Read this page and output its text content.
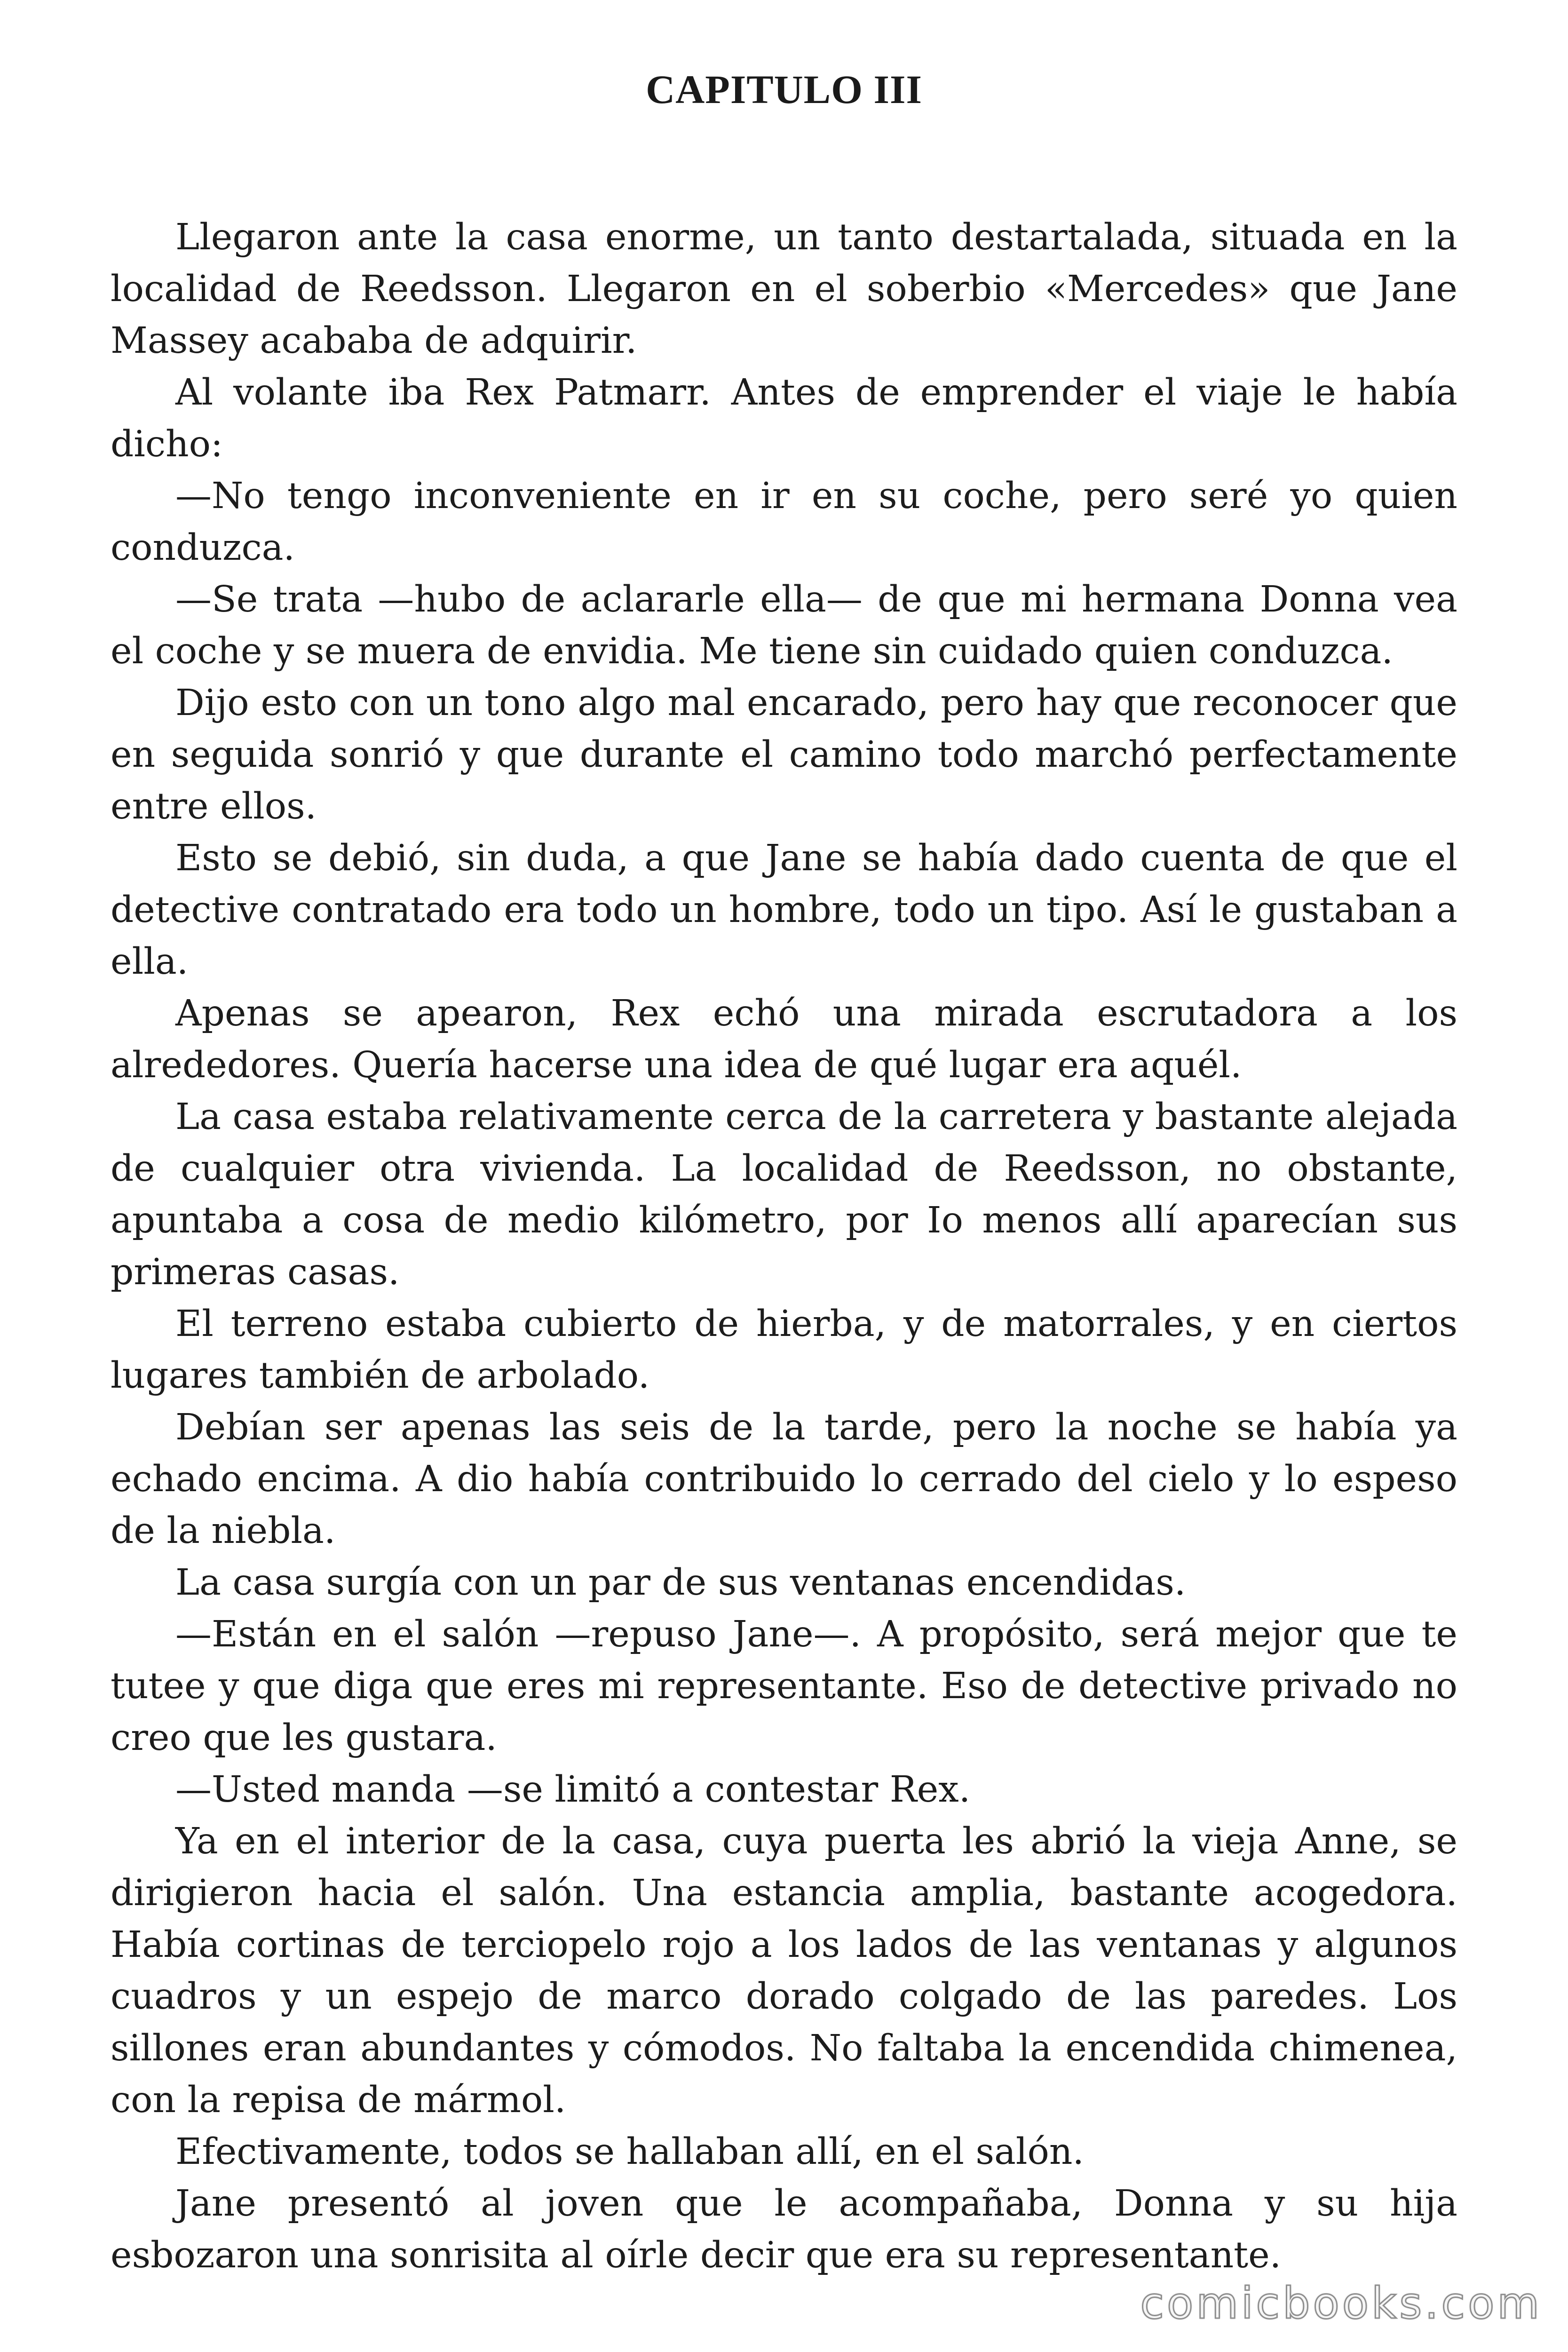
CAPITULO III

Llegaron ante la casa enorme, un tanto destartalada, situada en la localidad de Reedsson. Llegaron en el soberbio «Mercedes» que Jane Massey acababa de adquirir.

Al volante iba Rex Patmarr. Antes de emprender el viaje le había dicho:

—No tengo inconveniente en ir en su coche, pero seré yo quien conduzca.

—Se trata —hubo de aclararle ella— de que mi hermana Donna vea el coche y se muera de envidia. Me tiene sin cuidado quien conduzca.

Dijo esto con un tono algo mal encarado, pero hay que reconocer que en seguida sonrió y que durante el camino todo marchó perfectamente entre ellos.

Esto se debió, sin duda, a que Jane se había dado cuenta de que el detective contratado era todo un hombre, todo un tipo. Así le gustaban a ella.

Apenas se apearon, Rex echó una mirada escrutadora a los alrededores. Quería hacerse una idea de qué lugar era aquél.

La casa estaba relativamente cerca de la carretera y bastante alejada de cualquier otra vivienda. La localidad de Reedsson, no obstante, apuntaba a cosa de medio kilómetro, por Io menos allí aparecían sus primeras casas.

El terreno estaba cubierto de hierba, y de matorrales, y en ciertos lugares también de arbolado.

Debían ser apenas las seis de la tarde, pero la noche se había ya echado encima. A dio había contribuido lo cerrado del cielo y lo espeso de la niebla.

La casa surgía con un par de sus ventanas encendidas.

—Están en el salón —repuso Jane—. A propósito, será mejor que te tutee y que diga que eres mi representante. Eso de detective privado no creo que les gustara.

—Usted manda —se limitó a contestar Rex.

Ya en el interior de la casa, cuya puerta les abrió la vieja Anne, se dirigieron hacia el salón. Una estancia amplia, bastante acogedora. Había cortinas de terciopelo rojo a los lados de las ventanas y algunos cuadros y un espejo de marco dorado colgado de las paredes. Los sillones eran abundantes y cómodos. No faltaba la encendida chimenea, con la repisa de mármol.

Efectivamente, todos se hallaban allí, en el salón.

Jane presentó al joven que le acompañaba, Donna y su hija esbozaron una sonrisita al oírle decir que era su representante.

comicbooks.com
